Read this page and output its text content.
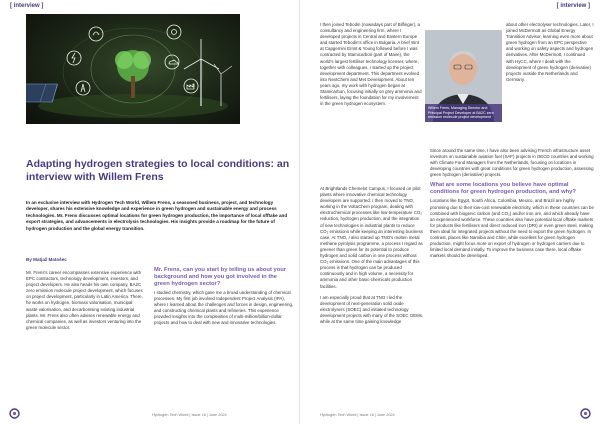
[ interview ]
Adapting hydrogen strategies to local conditions: an interview with Willem Frens

In an exclusive interview with Hydrogen Tech World, Willem Frens, a seasoned business, project, and technology developer, shares his extensive knowledge and experience in green hydrogen and sustainable energy and process technologies. Mr. Frens discusses optimal locations for green hydrogen production, the importance of local offtake and export strategies, and advancements in electrolysis technologies. His insights provide a roadmap for the future of hydrogen production and the global energy transition.

By Matjaž Matošec

Mr. Frens's career encompasses extensive experience with EPC contractors, technology development, investors, and project developers. He also heads his own company, BA2C zero emission molecule project development, which focuses on project development, particularly in Latin America. There, he works on hydrogen, biomass valorisation, municipal waste valorisation, and decarbonising existing industrial plants. Mr. Frens also often advises renewable energy and chemical companies, as well as investors venturing into the green molecule sector.

Mr. Frens, can you start by telling us about your background and how you got involved in the green hydrogen sector?

I studied chemistry, which gave me a broad understanding of chemical processes. My first job involved Independent Project Analysis (IPA), where I learned about the challenges and forces in design, engineering, and constructing chemical plants and refineries. This experience provided insights into the complexities of multi-million/billion-dollar projects and how to deal with new and innovative technologies.

Hydrogen Tech World | Issue 16 | June 2024
[ interview ]

I then joined Tebodin (nowadays part of Bilfinger), a consultancy and engineering firm, where I developed projects in Central and Eastern Europe and started Tebodin's office in Bulgaria. A brief stint at Capgemini Ernst & Young followed before I was contracted by Stamicarbon (part of Maire), the world's largest fertiliser technology licenser, where, together with colleagues, I started up the project development department. This department evolved into NextChem and Met Development. About ten years ago, my work with hydrogen began at Stamicarbon, focusing initially on grey ammonia and fertilisers, laying the foundation for my involvement in the green hydrogen ecosystem.

Willem Frens, Managing Director and Principal Project Developer at BA2C zero emission molecule project development

At Brightlands Chemelot Campus, I focused on pilot plants where innovative chemical technology developers are supported. I then moved to TNO, working in the VoltaChem program, dealing with electrochemical processes like low-temperature CO₂ reduction, hydrogen production, and the integration of new technologies in industrial plants to reduce CO₂ emissions while keeping an interesting business case. At TNO, I also started up TNO's molten metal methane pyrolysis programme, a process I regard as greener than green for its potential to produce hydrogen and solid carbon in one process without CO₂ emissions. One of the main advantages of this process is that hydrogen can be produced continuously and in high volume, a necessity for ammonia and other basic-chemicals production facilities.

I am especially proud that at TNO I led the development of next-generation solid oxide electrolysers (SOEC) and initiated technology development projects with many of the SOEC OEMs, while at the same time gaining knowledge

about other electrolyser technologies. Later, I joined McDermott as Global Energy Transition Advisor, learning even more about green hydrogen from an EPC perspective and working on safety aspects and hydrogen derivatives. After McDermott, I continued with HyCC, where I dealt with the development of green hydrogen (derivative) projects outside the Netherlands and Germany.

Since around the same time, I have also been advising French infrastructure asset investors on sustainable aviation fuel (SAF) projects in OECD countries and working with Climate Fund Managers from the Netherlands, focusing on locations in developing countries with great conditions for green hydrogen production, assessing green hydrogen (derivative) projects.

What are some locations you believe have optimal conditions for green hydrogen production, and why?

Locations like Egypt, South Africa, Colombia, Mexico, and Brazil are highly promising due to their low-cost renewable electricity, which in these countries can be combined with biogenic carbon (and CO₂) and/or iron ore, and which already have an experienced workforce. These countries also have potential local offtake markets for products like fertilisers and direct reduced iron (DRI) or even green steel, making them ideal for integrated projects without the need to export the green hydrogen. In contrast, places like Namibia and Chile, while excellent for green hydrogen production, might focus more on export of hydrogen or hydrogen carriers due to limited local demand initially. To improve the business case there, local offtake markets should be developed.

Hydrogen Tech World | Issue 16 | June 2024
